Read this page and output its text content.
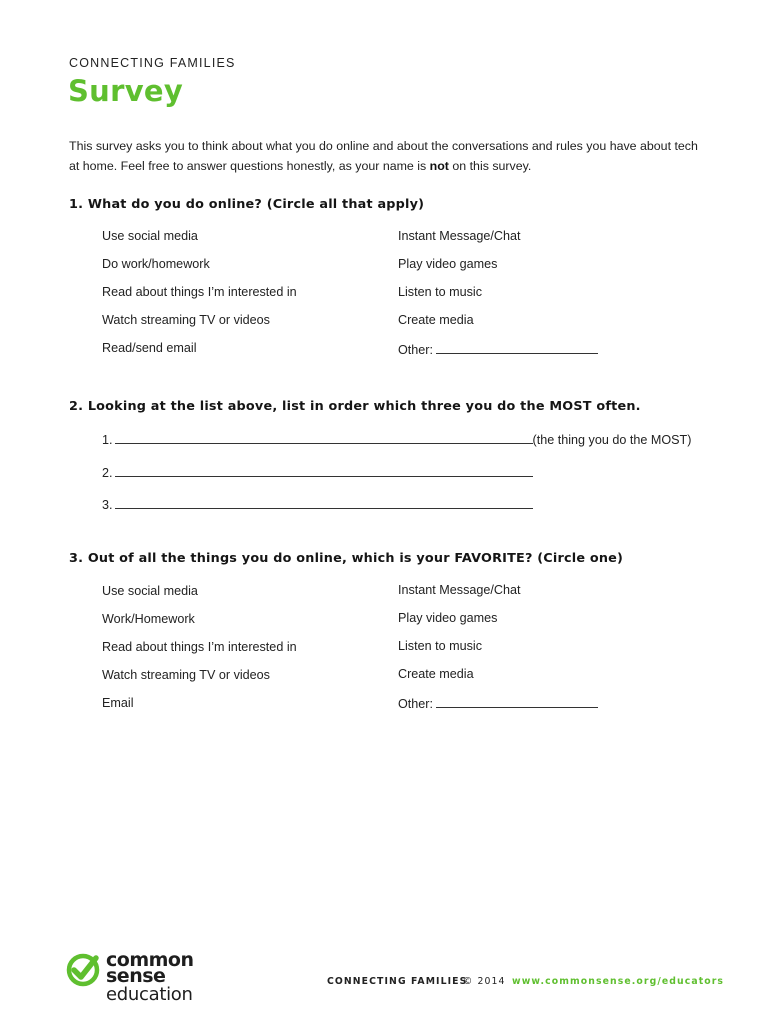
CONNECTING FAMILIES
Survey
This survey asks you to think about what you do online and about the conversations and rules you have about tech at home. Feel free to answer questions honestly, as your name is not on this survey.
1. What do you do online? (Circle all that apply)
Use social media
Do work/homework
Read about things I’m interested in
Watch streaming TV or videos
Read/send email
Instant Message/Chat
Play video games
Listen to music
Create media
Other:
2. Looking at the list above, list in order which three you do the MOST often.
1.	(the thing you do the MOST)
2.
3.
3. Out of all the things you do online, which is your FAVORITE? (Circle one)
Use social media
Work/Homework
Read about things I’m interested in
Watch streaming TV or videos
Email
Instant Message/Chat
Play video games
Listen to music
Create media
Other:
common
sense
education
CONNECTING FAMILIES
© 2014 www.commonsense.org/educators
